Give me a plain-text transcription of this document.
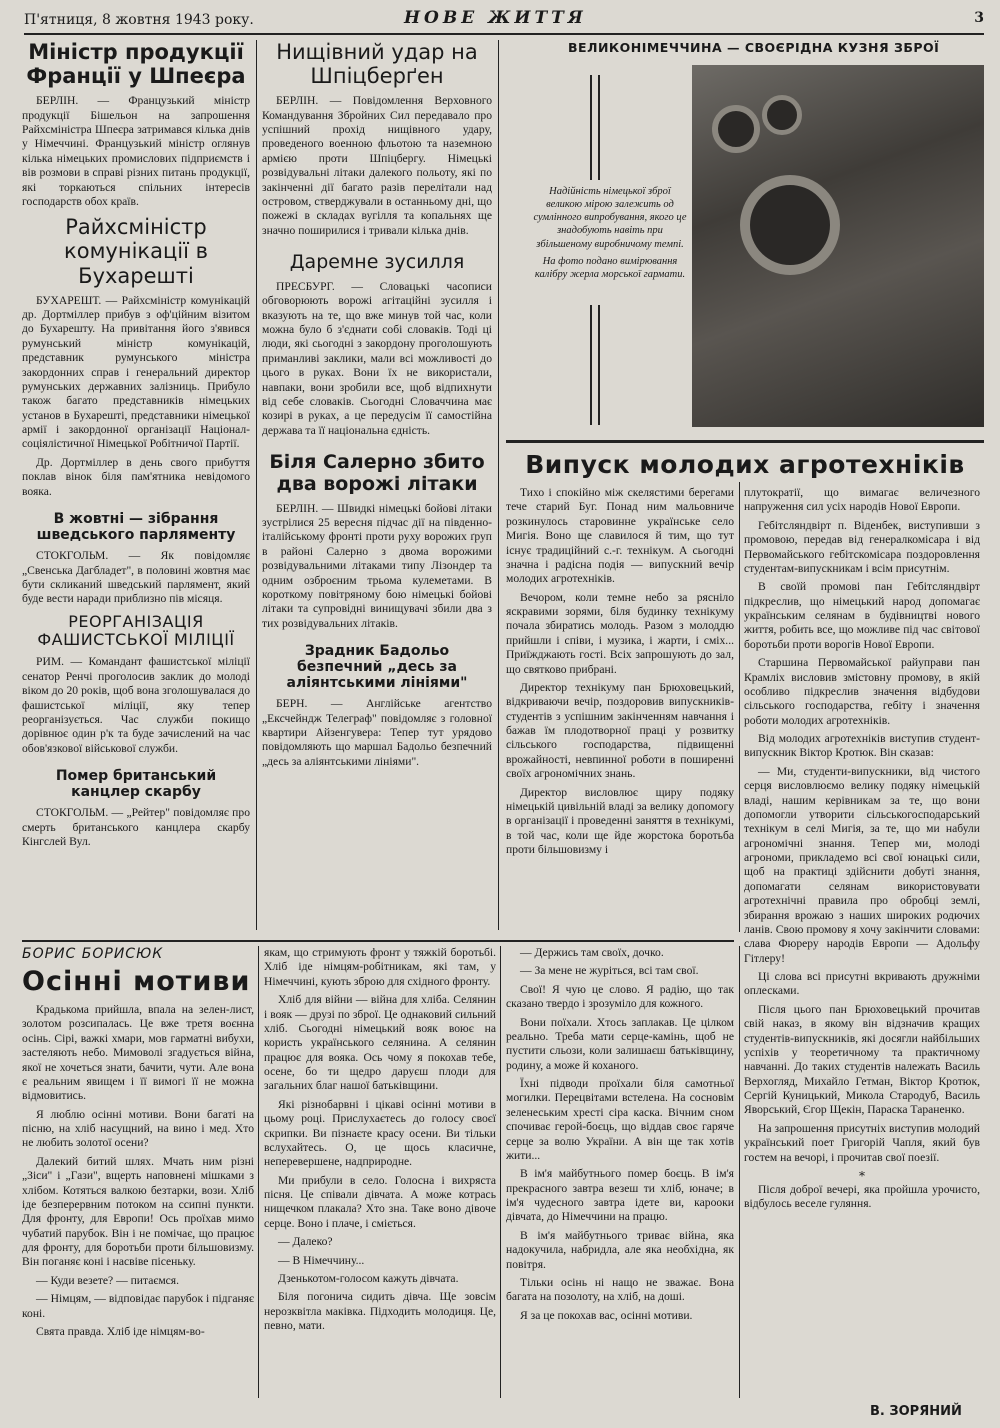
П'ятниця, 8 жовтня 1943 року.	НОВЕ ЖИТТЯ	3
Міністр продукції Франції у Шпеєра

БЕРЛІН. — Французький міністр продукції Бішельон на запрошення Райхсміністра Шпеєра затримався кілька днів у Німеччині. Французький міністр оглянув кілька німецьких промислових підприємств і вів розмови в справі різних питань продукції, які торкаються спільних інтересів господарств обох країв.

Райхсміністр комунікації в Бухарешті

БУХАРЕШТ. — Райхсміністр комунікацій др. Дортміллер прибув з оф'ційним візитом до Бухарешту. На привітання його з'явився румунський міністр комунікацій, представник румунського міністра закордонних справ і генеральний директор румунських державних залізниць. Прибуло також багато представників німецьких установ в Бухарешті, представники німецької армії і закордонної організації Націонал-соціялістичної Німецької Робітничої Партії.

Др. Дортміллер в день свого прибуття поклав вінок біля пам'ятника невідомого вояка.

В жовтні — зібрання шведського парляменту

СТОКГОЛЬМ. — Як повідомляє „Свенська Дагбладет", в половині жовтня має бути скликаний шведський парлямент, який буде вести наради приблизно пів місяця.

РЕОРГАНІЗАЦІЯ ФАШИСТСЬКОЇ МІЛІЦІЇ

РИМ. — Командант фашистської міліції сенатор Ренчі проголосив заклик до молоді віком до 20 років, щоб вона зголошувалася до фашистської міліції, яку тепер реорганізується. Час служби покищо дорівнює один р'к та буде зачислений на час обов'язкової військової служби.

Помер британський канцлер скарбу

СТОКГОЛЬМ. — „Рейтер" повідомляє про смерть британського канцлера скарбу Кінгслей Вул.

Нищівний удар на Шпіцберґен

БЕРЛІН. — Повідомлення Верховного Командування Збройних Сил передавало про успішний прохід нищівного удару, проведеного военною фльотою та наземною армією проти Шпіцбергу. Німецькі розвідувальні літаки далекого польоту, які по закінченні дії багато разів перелітали над островом, стверджували в останньому дні, що пожежі в складах вугілля та копальнях ще значно поширилися і тривали кілька днів.

Даремне зусилля

ПРЕСБУРГ. — Словацькі часописи обговорюють ворожі агітаційні зусилля і вказують на те, що вже минув той час, коли можна було б з'єднати собі словаків. Тоді ці люди, які сьогодні з закордону проголошують приманливі заклики, мали всі можливості до цього в руках. Вони їх не використали, навпаки, вони зробили все, щоб відпихнути від себе словаків. Сьогодні Словаччина має козирі в руках, а це передусім її самостійна держава та її національна єдність.

Біля Салерно збито два ворожі літаки

БЕРЛІН. — Швидкі німецькі бойові літаки зустрілися 25 вересня підчас дії на південно-італійському фронті проти руху ворожих ґруп в районі Салерно з двома ворожими розвідувальними літаками типу Лізондер та одним озброєним трьома кулеметами. В короткому повітряному бою німецькі бойові літаки та супровідні винищувачі збили два з тих розвідувальних літаків.

Зрадник Бадольо безпечний „десь за аліянтськими лініями"

БЕРН. — Англійське агентство „Ексчейндж Телеграф" повідомляє з головної квартири Айзенгувера: Тепер тут урядово повідомляють що маршал Бадольо безпечний „десь за аліянтськими лініями".

ВЕЛИКОНІМЕЧЧИНА — СВОЄРІДНА КУЗНЯ ЗБРОЇ

Надійність німецької зброї великою мірою залежить од сумлінного випробування, якого це знадобують навіть при збільшеному виробничому темпі.

На фото подано вимірювання калібру жерла морської гармати.

Випуск молодих агротехніків

Тихо і спокійно між скелястими берегами тече старий Буг. Понад ним мальовниче розкинулось старовинне українське село Мигія. Воно ще славилося й тим, що тут існує традиційний с.-г. технікум. А сьогодні значна і радісна подія — випускний вечір молодих агротехніків.

Вечором, коли темне небо за рясніло яскравими зорями, біля будинку технікуму почала збиратись молодь. Разом з молоддю прийшли і співи, і музика, і жарти, і сміх... Приїжджають гості. Всіх запрошують до зал, що святково прибрані.

Директор технікуму пан Брюховецький, відкриваючи вечір, поздоровив випускників-студентів з успішним закінченням навчання і бажав їм плодотворної праці у розвитку сільського господарства, підвищенні врожайності, невпинної роботи в поширенні своїх агрономічних знань.

Директор висловлює щиру подяку німецькій цивільній владі за велику допомогу в організації і проведенні заняття в технікумі, в той час, коли ще йде жорстока боротьба проти більшовизму і

плутократії, що вимагає величезного напруження сил усіх народів Нової Европи.

Гебітсляндвірт п. Віденбек, виступивши з промовою, передав від генералкомісара і від Первомайського гебітскомісара поздоровлення студентам-випускникам і всім присутнім.

В своїй промові пан Гебітсляндвірт підкреслив, що німецький народ допомагає українським селянам в будівництві нового життя, робить все, що можливе під час світової боротьби проти ворогів Нової Европи.

Старшина Первомайської райуправи пан Крамліх висловив змістовну промову, в якій особливо підкреслив значення відбудови сільського господарства, гебіту і значення роботи молодих агротехніків.

Від молодих агротехніків виступив студент-випускник Віктор Кротюк. Він сказав:

— Ми, студенти-випускники, від чистого серця висловлюємо велику подяку німецькій владі, нашим керівникам за те, що вони допомогли утворити сільськогосподарський технікум в селі Мигія, за те, що ми набули агрономічні знання. Тепер ми, молоді агрономи, прикладемо всі свої юнацькі сили, щоб на практиці здійснити добуті знання, допомагати селянам використовувати агротехнічні правила про обробці землі, збирання врожаю з наших широких родючих ланів. Свою промову я хочу закінчити словами: слава Фюреру народів Европи — Адольфу Гітлеру!

Ці слова всі присутні вкривають дружніми оплесками.

Після цього пан Брюховецький прочитав свій наказ, в якому він відзначив кращих студентів-випускників, які досягли найбільших успіхів у теоретичному та практичному навчанні. До таких студентів належать Василь Верхогляд, Михайло Гетман, Віктор Кротюк, Сергій Куницький, Микола Стародуб, Василь Яворський, Єгор Щекін, Параска Тараненко.

На запрошення присутніх виступив молодий український поет Григорій Чапля, який був гостем на вечорі, і прочитав свої поезії.

*

Після доброї вечері, яка пройшла урочисто, відбулось веселе гуляння.

В. ЗОРЯНИЙ
БОРИС БОРИСЮК
Осінні мотиви

Крадькома прийшла, впала на зелен-лист, золотом розсипалась. Це вже третя воєнна осінь. Сірі, важкі хмари, мов гарматні вибухи, застеляють небо. Мимоволі згадується війна, якої не хочеться знати, бачити, чути. Але вона є реальним явищем і її вимогі її не можна відмовитись.

Я люблю осінні мотиви. Вони багаті на пісню, на хліб насущний, на вино і мед. Хто не любить золотої осени?

Далекий битий шлях. Мчать ним різні „Зіси" і „Гази", вщерть наповнені мішками з хлібом. Котяться валкою безтарки, вози. Хліб іде безперервним потоком на ссипні пункти. Для фронту, для Европи! Ось проїхав мимо чубатий парубок. Він і не помічає, що працює для фронту, для боротьби проти більшовизму. Він поганяє коні і насвіве пісеньку.

— Куди везете? — питаємся.

— Німцям, — відповідає парубок і підганяє коні.

Свята правда. Хліб іде німцям-во-

якам, що стримують фронт у тяжкій боротьбі. Хліб іде німцям-робітникам, які там, у Німеччині, кують зброю для східного фронту.

Хліб для війни — війна для хліба. Селянин і вояк — друзі по зброї. Це однаковий сильний хліб. Сьогодні німецький вояк воює на користь українського селянина. А селянин працює для вояка. Ось чому я покохав тебе, осене, бо ти щедро даруєш плоди для загальних благ нашої батьківщини.

Які різнобарвні і цікаві осінні мотиви в цьому році. Прислухаєтесь до голосу своєї скрипки. Ви пізнаєте красу осени. Ви тільки вслухайтесь. О, це щось класичне, неперевершене, надприродне.

Ми прибули в село. Голосна і вихряста пісня. Це співали дівчата. А може котрась нищечком плакала? Хто зна. Таке воно дівоче серце. Воно і плаче, і сміється.

— Далеко?

— В Німеччину...

Дзенькотом-голосом кажуть дівчата.

Біля погонича сидить дівча. Ще зовсім нерозквітла маківка. Підходить молодиця. Це, певно, мати.

— Держись там своїх, дочко.

— За мене не журіться, всі там свої.

Свої! Я чую це слово. Я радію, що так сказано твердо і зрозуміло для кожного.

Вони поїхали. Хтось заплакав. Це цілком реально. Треба мати серце-камінь, щоб не пустити сльози, коли залишаєш батьківщину, родину, а може й коханого.

Їхні підводи проїхали біля самотньої могилки. Перецвітами встелена. На сосновім зеленеським хресті сіра каска. Вічним сном спочиває герой-боєць, що віддав своє гаряче серце за волю України. А він ще так хотів жити...

В ім'я майбутнього помер боєць. В ім'я прекрасного завтра везеш ти хліб, юначе; в ім'я чудесного завтра ідете ви, карооки дівчата, до Німеччини на працю.

В ім'я майбутнього триває війна, яка надокучила, набридла, але яка необхідна, як повітря.

Тільки осінь ні нащо не зважає. Вона багата на позолоту, на хліб, на доші.

Я за це покохав вас, осінні мотиви.
